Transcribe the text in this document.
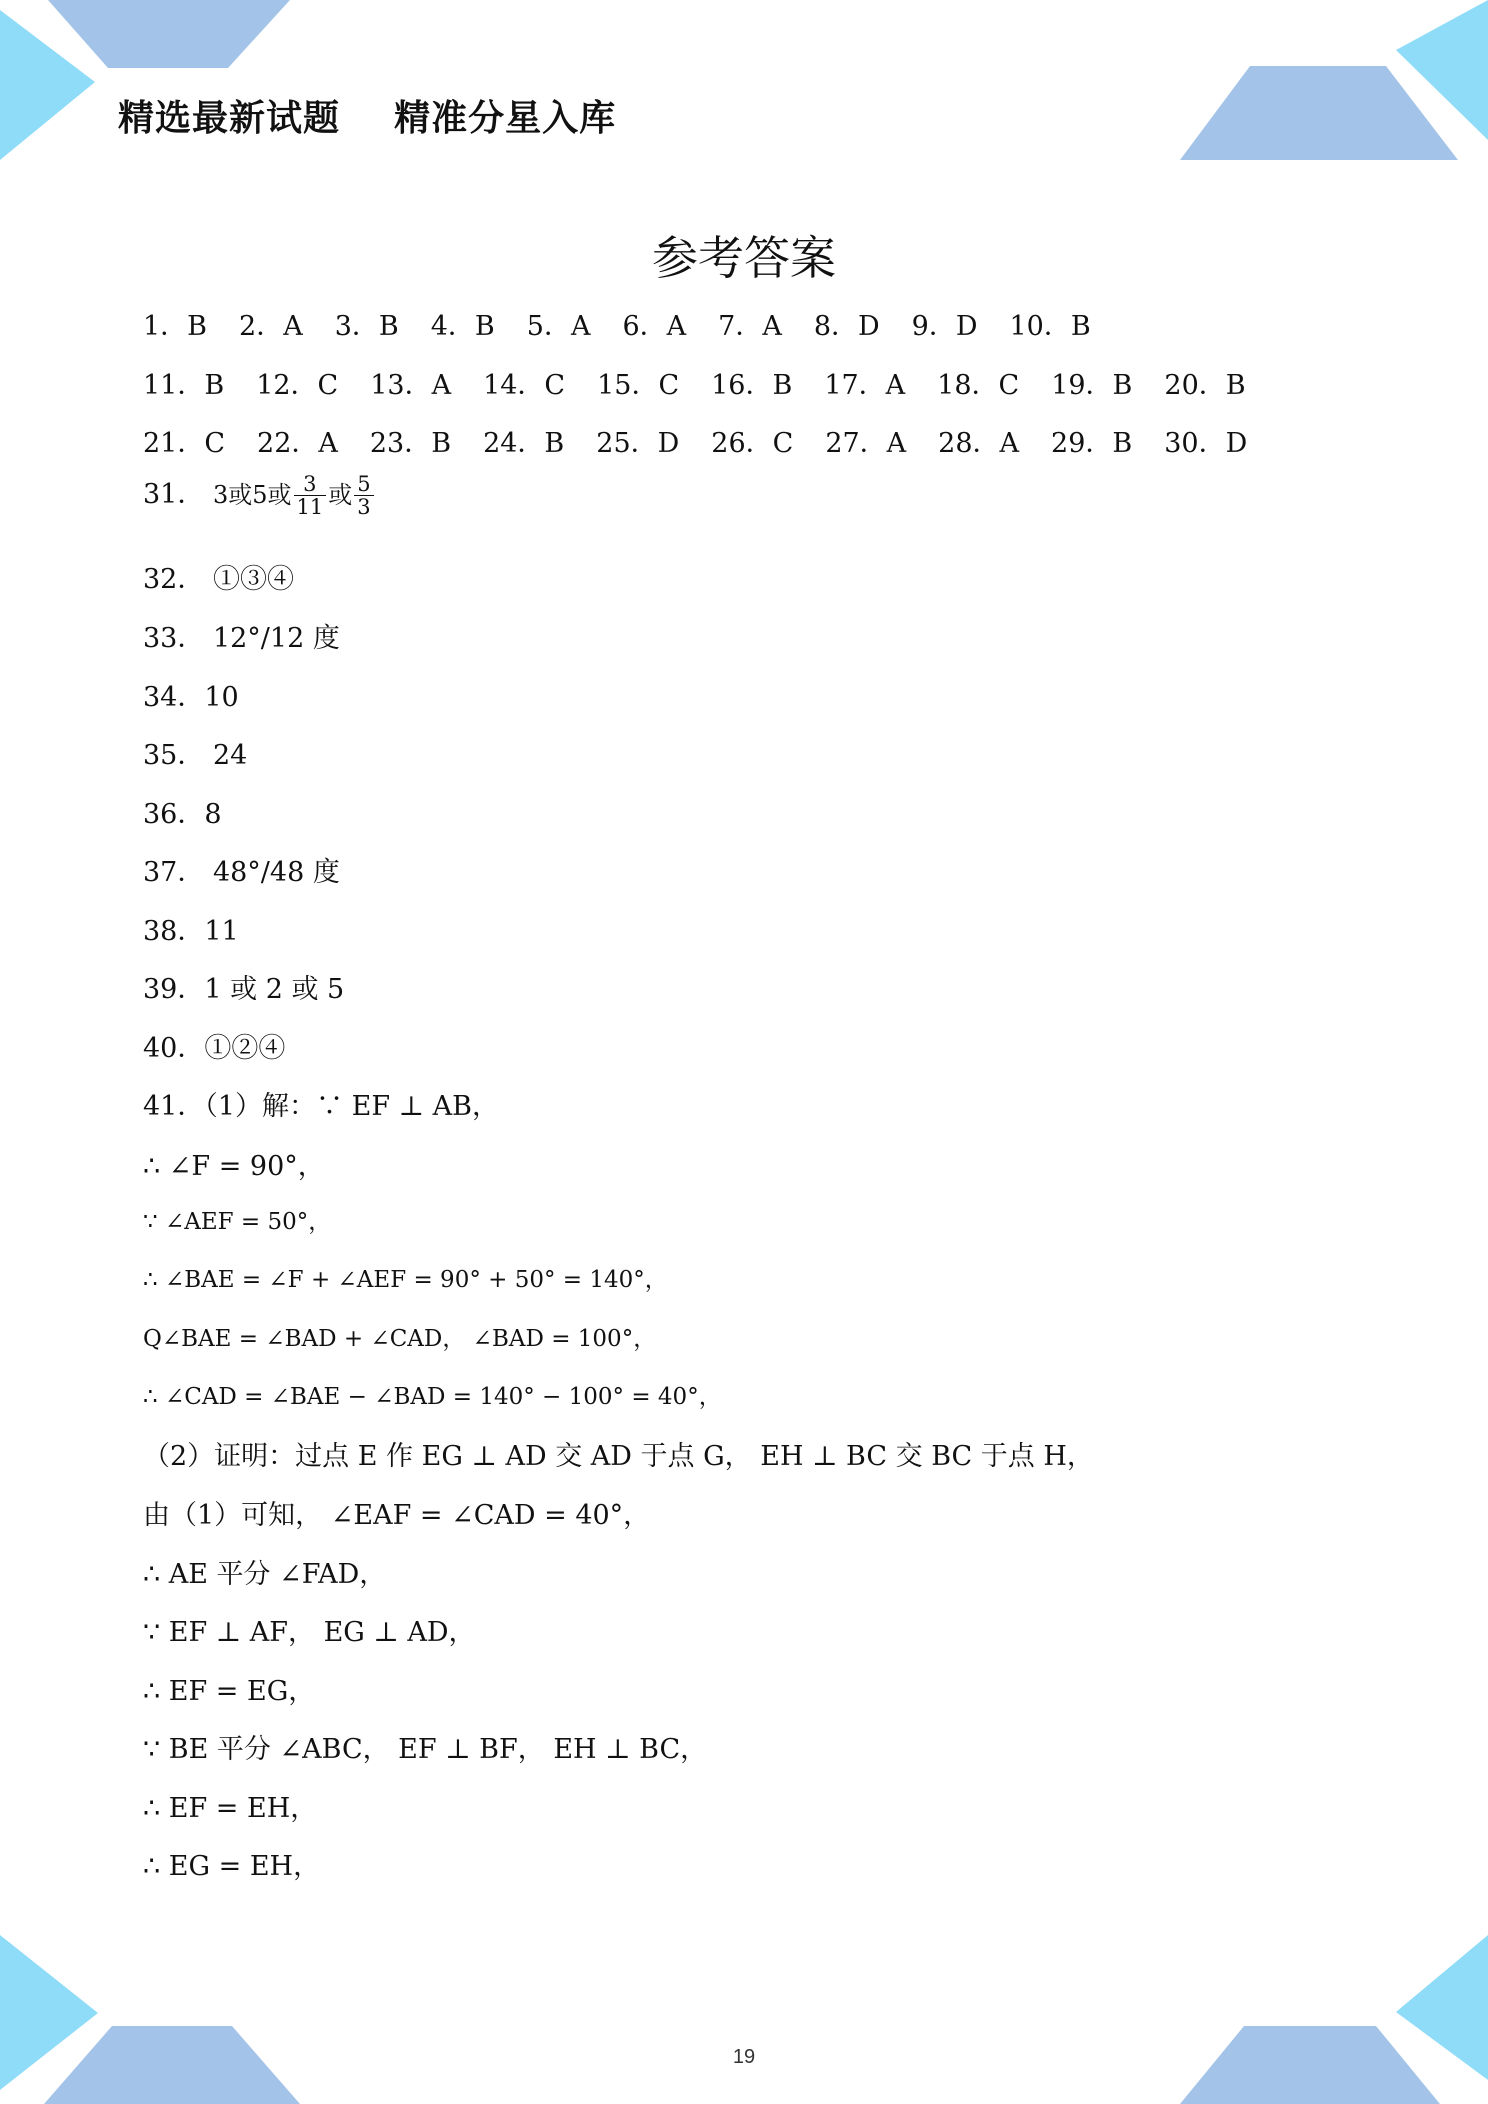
精选最新试题    精准分星入库
参考答案
1．B 2．A 3．B 4．B 5．A 6．A 7．A 8．D 9．D 10．B
11．B 12．C 13．A 14．C 15．C 16．B 17．A 18．C 19．B 20．B
21．C 22．A 23．B 24．B 25．D 26．C 27．A 28．A 29．B 30．D
31． 3或5或 $\frac{3}{11}$ 或 $\frac{5}{3}$
32． ①③④
33． 12°/12 度
34．10
35． 24
36．8
37． 48°/48 度
38．11
39．1 或 2 或 5
40．①②④
41．（1）解：∵ EF ⊥ AB，
∴ ∠F = 90°，
∵ ∠AEF = 50°，
∴ ∠BAE = ∠F + ∠AEF = 90° + 50° = 140°，
Q∠BAE = ∠BAD + ∠CAD， ∠BAD = 100°，
∴ ∠CAD = ∠BAE − ∠BAD = 140° − 100° = 40°，
（2）证明：过点 E 作 EG ⊥ AD 交 AD 于点 G， EH ⊥ BC 交 BC 于点 H，
由（1）可知， ∠EAF = ∠CAD = 40°，
∴ AE 平分 ∠FAD，
∵ EF ⊥ AF， EG ⊥ AD，
∴ EF = EG，
∵ BE 平分 ∠ABC， EF ⊥ BF， EH ⊥ BC，
∴ EF = EH，
∴ EG = EH，
19
